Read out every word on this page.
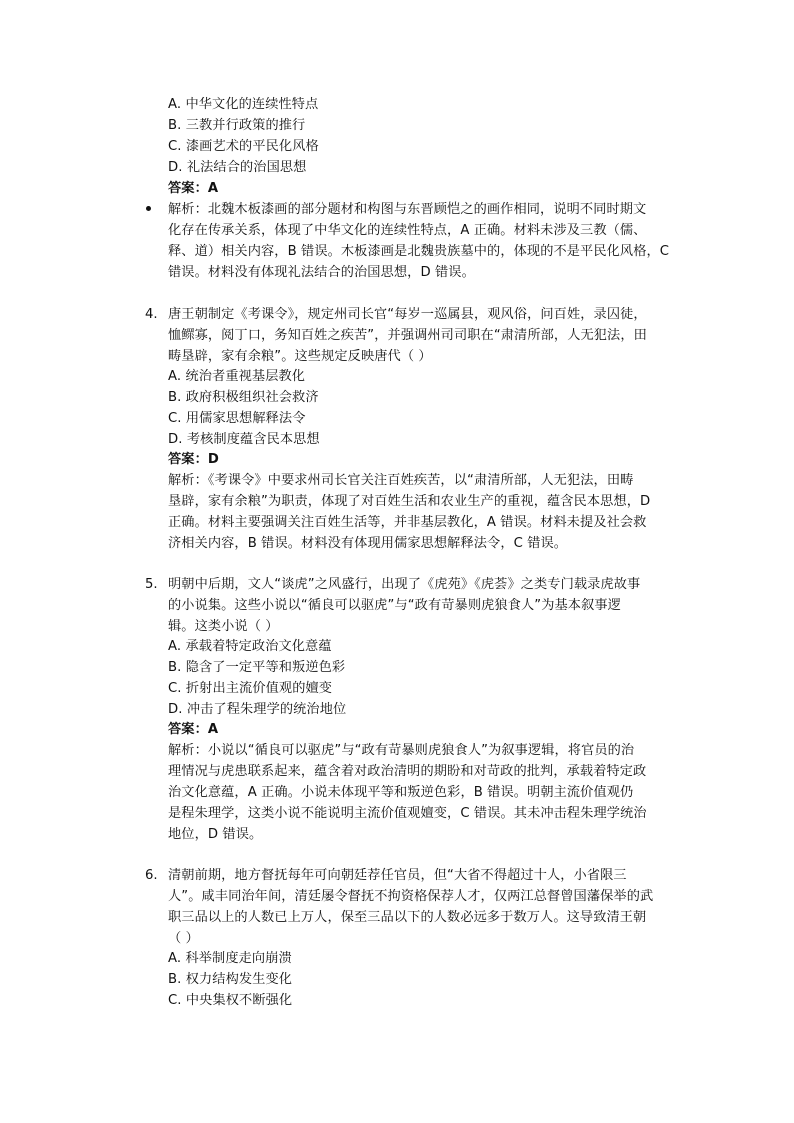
A. 中华文化的连续性特点
B. 三教并行政策的推行
C. 漆画艺术的平民化风格
D. 礼法结合的治国思想
答案：A
解析：北魏木板漆画的部分题材和构图与东晋顾恺之的画作相同，说明不同时期文
化存在传承关系，体现了中华文化的连续性特点，A 正确。材料未涉及三教（儒、
释、道）相关内容，B 错误。木板漆画是北魏贵族墓中的，体现的不是平民化风格，C
错误。材料没有体现礼法结合的治国思想，D 错误。
4. 唐王朝制定《考课令》，规定州司长官“每岁一巡属县，观风俗，问百姓，录囚徒，
恤鳏寡，阅丁口，务知百姓之疾苦”，并强调州司司职在“肃清所部，人无犯法，田
畴垦辟，家有余粮”。这些规定反映唐代（ ）
A. 统治者重视基层教化
B. 政府积极组织社会救济
C. 用儒家思想解释法令
D. 考核制度蕴含民本思想
答案：D
解析：《考课令》中要求州司长官关注百姓疾苦，以“肃清所部，人无犯法，田畴
垦辟，家有余粮”为职责，体现了对百姓生活和农业生产的重视，蕴含民本思想，D
正确。材料主要强调关注百姓生活等，并非基层教化，A 错误。材料未提及社会救
济相关内容，B 错误。材料没有体现用儒家思想解释法令，C 错误。
5. 明朝中后期，文人“谈虎”之风盛行，出现了《虎苑》《虎荟》之类专门载录虎故事
的小说集。这些小说以“循良可以驱虎”与“政有苛暴则虎狼食人”为基本叙事逻
辑。这类小说（ ）
A. 承载着特定政治文化意蕴
B. 隐含了一定平等和叛逆色彩
C. 折射出主流价值观的嬗变
D. 冲击了程朱理学的统治地位
答案：A
解析：小说以“循良可以驱虎”与“政有苛暴则虎狼食人”为叙事逻辑，将官员的治
理情况与虎患联系起来，蕴含着对政治清明的期盼和对苛政的批判，承载着特定政
治文化意蕴，A 正确。小说未体现平等和叛逆色彩，B 错误。明朝主流价值观仍
是程朱理学，这类小说不能说明主流价值观嬗变，C 错误。其未冲击程朱理学统治
地位，D 错误。
6. 清朝前期，地方督抚每年可向朝廷荐任官员，但“大省不得超过十人，小省限三
人”。咸丰同治年间，清廷屡令督抚不拘资格保荐人才，仅两江总督曾国藩保举的武
职三品以上的人数已上万人，保至三品以下的人数必远多于数万人。这导致清王朝
（ ）
A. 科举制度走向崩溃
B. 权力结构发生变化
C. 中央集权不断强化
